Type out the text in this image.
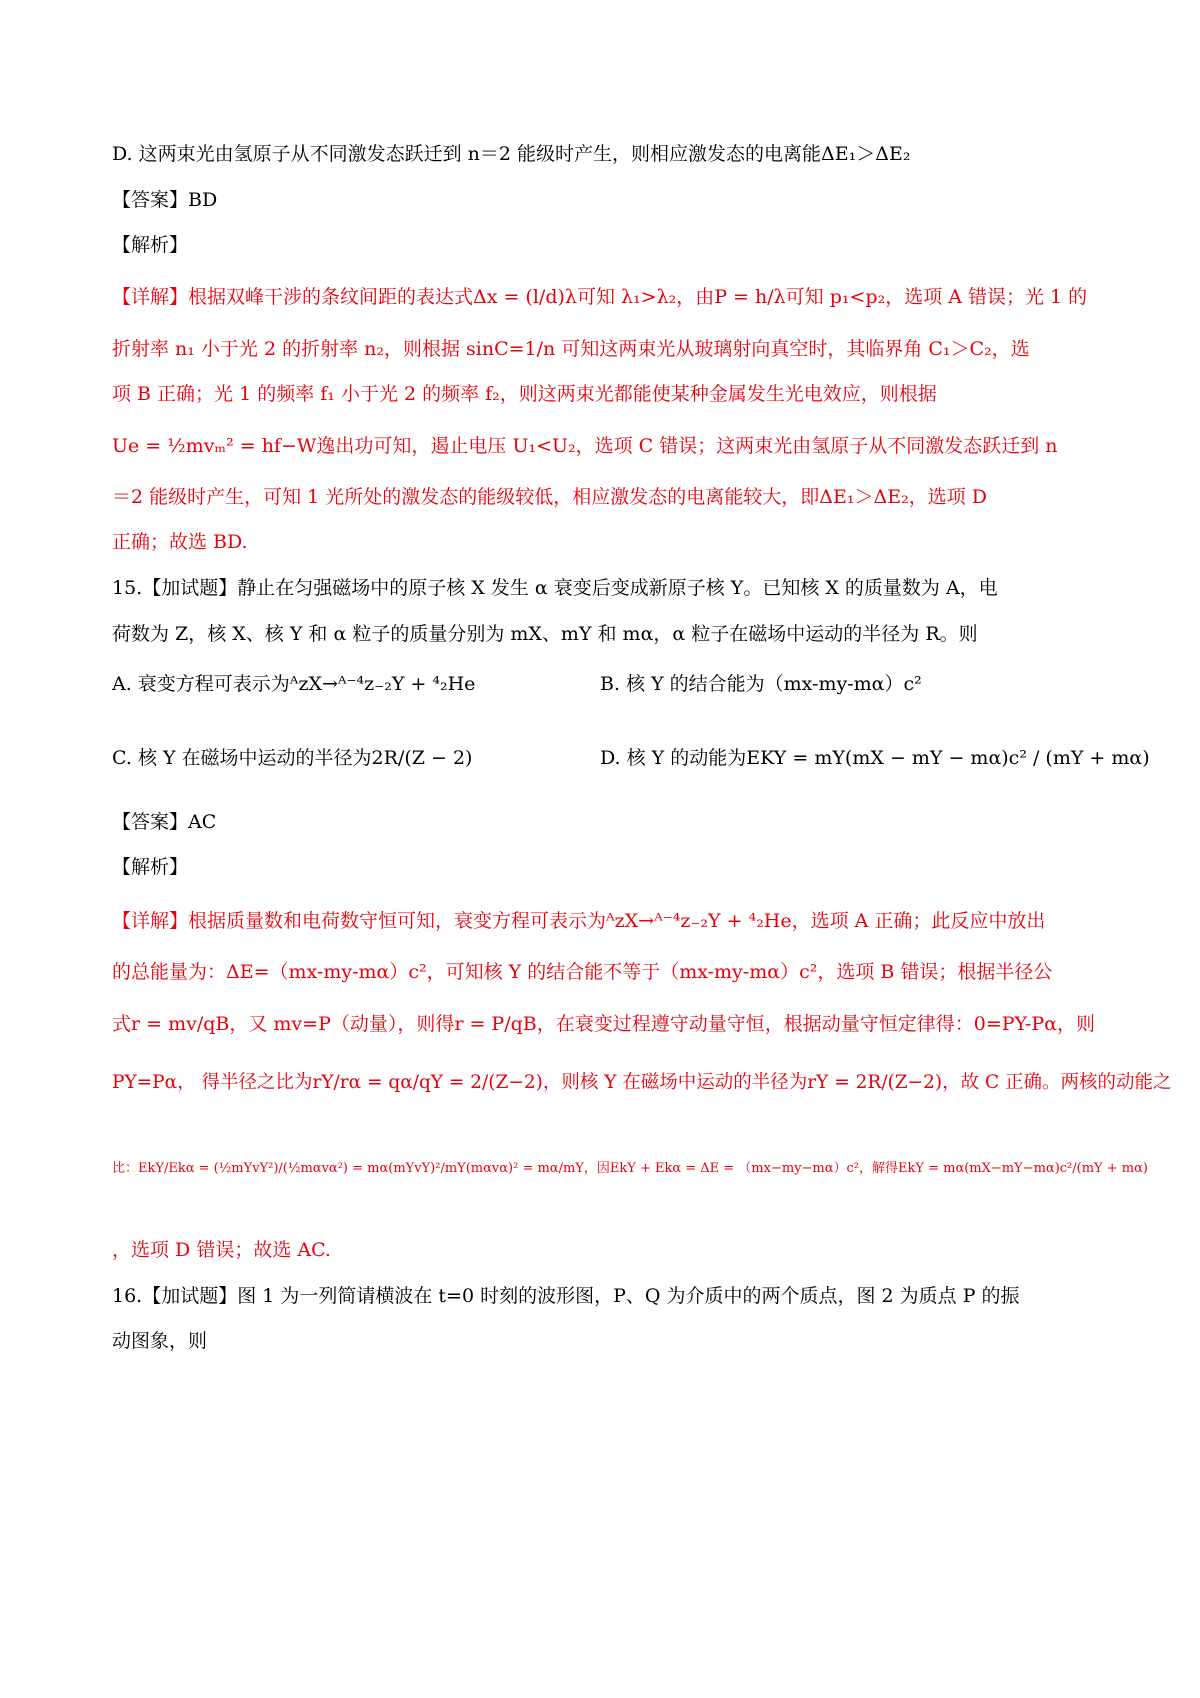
D. 这两束光由氢原子从不同激发态跃迁到 n＝2 能级时产生，则相应激发态的电离能ΔE₁＞ΔE₂
【答案】BD
【解析】
【详解】根据双峰干涉的条纹间距的表达式Δx = (l/d)λ可知 λ₁>λ₂，由P = h/λ可知 p₁<p₂，选项 A 错误；光 1 的
折射率 n₁ 小于光 2 的折射率 n₂，则根据 sinC=1/n 可知这两束光从玻璃射向真空时，其临界角 C₁＞C₂，选
项 B 正确；光 1 的频率 f₁ 小于光 2 的频率 f₂，则这两束光都能使某种金属发生光电效应，则根据
Ue = ½mvₘ² = hf−W逸出功可知，遏止电压 U₁<U₂，选项 C 错误；这两束光由氢原子从不同激发态跃迁到 n
＝2 能级时产生，可知 1 光所处的激发态的能级较低，相应激发态的电离能较大，即ΔE₁＞ΔE₂，选项 D
正确；故选 BD.
15.【加试题】静止在匀强磁场中的原子核 X 发生 α 衰变后变成新原子核 Y。已知核 X 的质量数为 A，电
荷数为 Z，核 X、核 Y 和 α 粒子的质量分别为 mX、mY 和 mα，α 粒子在磁场中运动的半径为 R。则
A. 衰变方程可表示为ᴬzX→ᴬ⁻⁴z₋₂Y + ⁴₂He	B. 核 Y 的结合能为（mx-my-mα）c²
C. 核 Y 在磁场中运动的半径为2R/(Z − 2)	D. 核 Y 的动能为EKY = mY(mX − mY − mα)c² / (mY + mα)
【答案】AC
【解析】
【详解】根据质量数和电荷数守恒可知，衰变方程可表示为ᴬzX→ᴬ⁻⁴z₋₂Y + ⁴₂He，选项 A 正确；此反应中放出
的总能量为：ΔE=（mx-my-mα）c²，可知核 Y 的结合能不等于（mx-my-mα）c²，选项 B 错误；根据半径公
式r = mv/qB，又 mv=P（动量），则得r = P/qB，在衰变过程遵守动量守恒，根据动量守恒定律得：0=PY-Pα，则
PY=Pα， 得半径之比为rY/rα = qα/qY = 2/(Z−2)，则核 Y 在磁场中运动的半径为rY = 2R/(Z−2)，故 C 正确。两核的动能之
比：EkY/Ekα = (½mYvY²)/(½mαvα²) = mα(mYvY)²/mY(mαvα)² = mα/mY，因EkY + Ekα = ΔE = （mx−my−mα）c²，解得EkY = mα(mX−mY−mα)c²/(mY + mα)
，选项 D 错误；故选 AC.
16.【加试题】图 1 为一列简请横波在 t=0 时刻的波形图，P、Q 为介质中的两个质点，图 2 为质点 P 的振
动图象，则
